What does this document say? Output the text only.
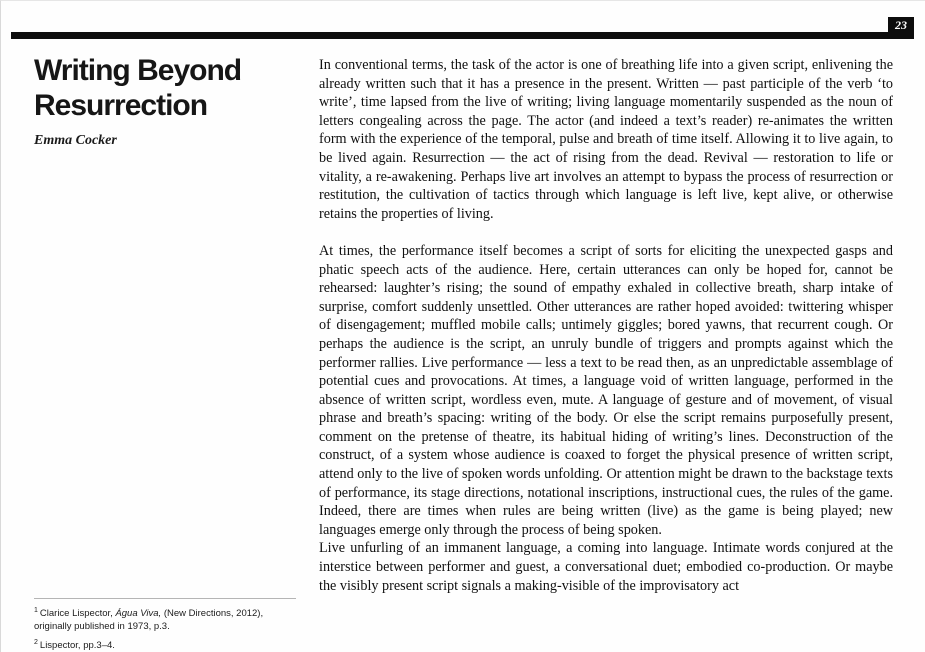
23
Writing Beyond
Resurrection
Emma Cocker

In conventional terms, the task of the actor is one of breathing life into a given script, enlivening the already written such that it has a presence in the present. Written — past participle of the verb ‘to write’, time lapsed from the live of writing; living language momentarily suspended as the noun of letters congealing across the page. The actor (and indeed a text’s reader) re-animates the written form with the experience of the temporal, pulse and breath of time itself. Allowing it to live again, to be lived again. Resurrection — the act of rising from the dead. Revival — restoration to life or vitality, a re-awakening. Perhaps live art involves an attempt to bypass the process of resurrection or restitution, the cultivation of tactics through which language is left live, kept alive, or otherwise retains the properties of living.

At times, the performance itself becomes a script of sorts for eliciting the unexpected gasps and phatic speech acts of the audience. Here, certain utterances can only be hoped for, cannot be rehearsed: laughter’s rising; the sound of empathy exhaled in collective breath, sharp intake of surprise, comfort suddenly unsettled. Other utterances are rather hoped avoided: twittering whisper of disengagement; muffled mobile calls; untimely giggles; bored yawns, that recurrent cough. Or perhaps the audience is the script, an unruly bundle of triggers and prompts against which the performer rallies. Live performance — less a text to be read then, as an unpredictable assemblage of potential cues and provocations. At times, a language void of written language, performed in the absence of written script, wordless even, mute. A language of gesture and of movement, of visual phrase and breath’s spacing: writing of the body. Or else the script remains purposefully present, comment on the pretense of theatre, its habitual hiding of writing’s lines. Deconstruction of the construct, of a system whose audience is coaxed to forget the physical presence of written script, attend only to the live of spoken words unfolding. Or attention might be drawn to the backstage texts of performance, its stage directions, notational inscriptions, instructional cues, the rules of the game. Indeed, there are times when rules are being written (live) as the game is being played; new languages emerge only through the process of being spoken.

Live unfurling of an immanent language, a coming into language. Intimate words conjured at the interstice between performer and guest, a conversational duet; embodied co-production. Or maybe the visibly present script signals a making-visible of the improvisatory act

$^1$ Clarice Lispector, Água Viva, (New Directions, 2012), originally published in 1973, p.3.
$^2$ Lispector, pp.3–4.
